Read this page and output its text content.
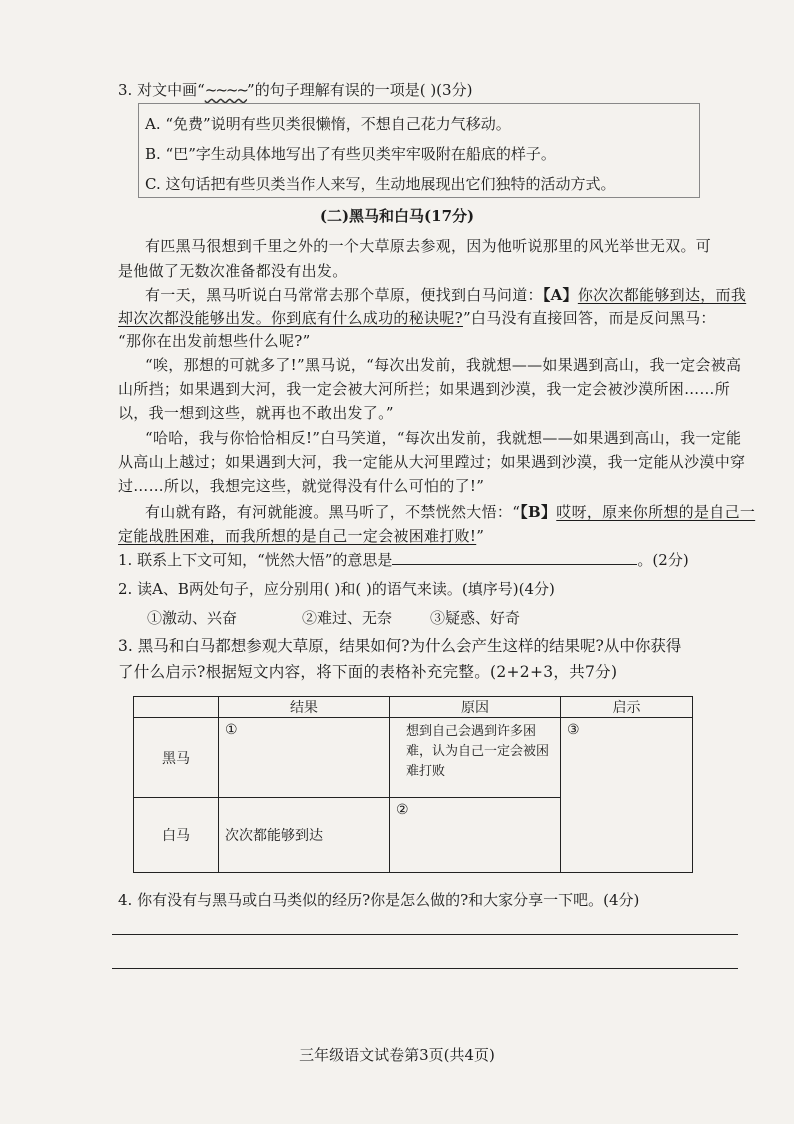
3. 对文中画“~~~~”的句子理解有误的一项是( )(3分)
A. “免费”说明有些贝类很懒惰，不想自己花力气移动。
B. “巴”字生动具体地写出了有些贝类牢牢吸附在船底的样子。
C. 这句话把有些贝类当作人来写，生动地展现出它们独特的活动方式。
(二)黑马和白马(17分)
有匹黑马很想到千里之外的一个大草原去参观，因为他听说那里的风光举世无双。可
是他做了无数次准备都没有出发。
有一天，黑马听说白马常常去那个草原，便找到白马问道：【A】你次次都能够到达，而我
却次次都没能够出发。你到底有什么成功的秘诀呢?”白马没有直接回答，而是反问黑马：
“那你在出发前想些什么呢?”
“唉，那想的可就多了!”黑马说，“每次出发前，我就想——如果遇到高山，我一定会被高
山所挡；如果遇到大河，我一定会被大河所拦；如果遇到沙漠，我一定会被沙漠所困……所
以，我一想到这些，就再也不敢出发了。”
“哈哈，我与你恰恰相反!”白马笑道，“每次出发前，我就想——如果遇到高山，我一定能
从高山上越过；如果遇到大河，我一定能从大河里蹚过；如果遇到沙漠，我一定能从沙漠中穿
过……所以，我想完这些，就觉得没有什么可怕的了!”
有山就有路，有河就能渡。黑马听了，不禁恍然大悟：“【B】哎呀，原来你所想的是自己一
定能战胜困难，而我所想的是自己一定会被困难打败!”
1. 联系上下文可知，“恍然大悟”的意思是	。(2分)
2. 读A、B两处句子，应分别用( )和( )的语气来读。(填序号)(4分)
①激动、兴奋	②难过、无奈	③疑惑、好奇
3. 黑马和白马都想参观大草原，结果如何?为什么会产生这样的结果呢?从中你获得
了什么启示?根据短文内容，将下面的表格补充完整。(2+2+3，共7分)
	结果	原因	启示
黑马	①	想到自己会遇到许多困难，认为自己一定会被困难打败	③
白马	次次都能够到达	②	
4. 你有没有与黑马或白马类似的经历?你是怎么做的?和大家分享一下吧。(4分)
三年级语文试卷第3页(共4页)
